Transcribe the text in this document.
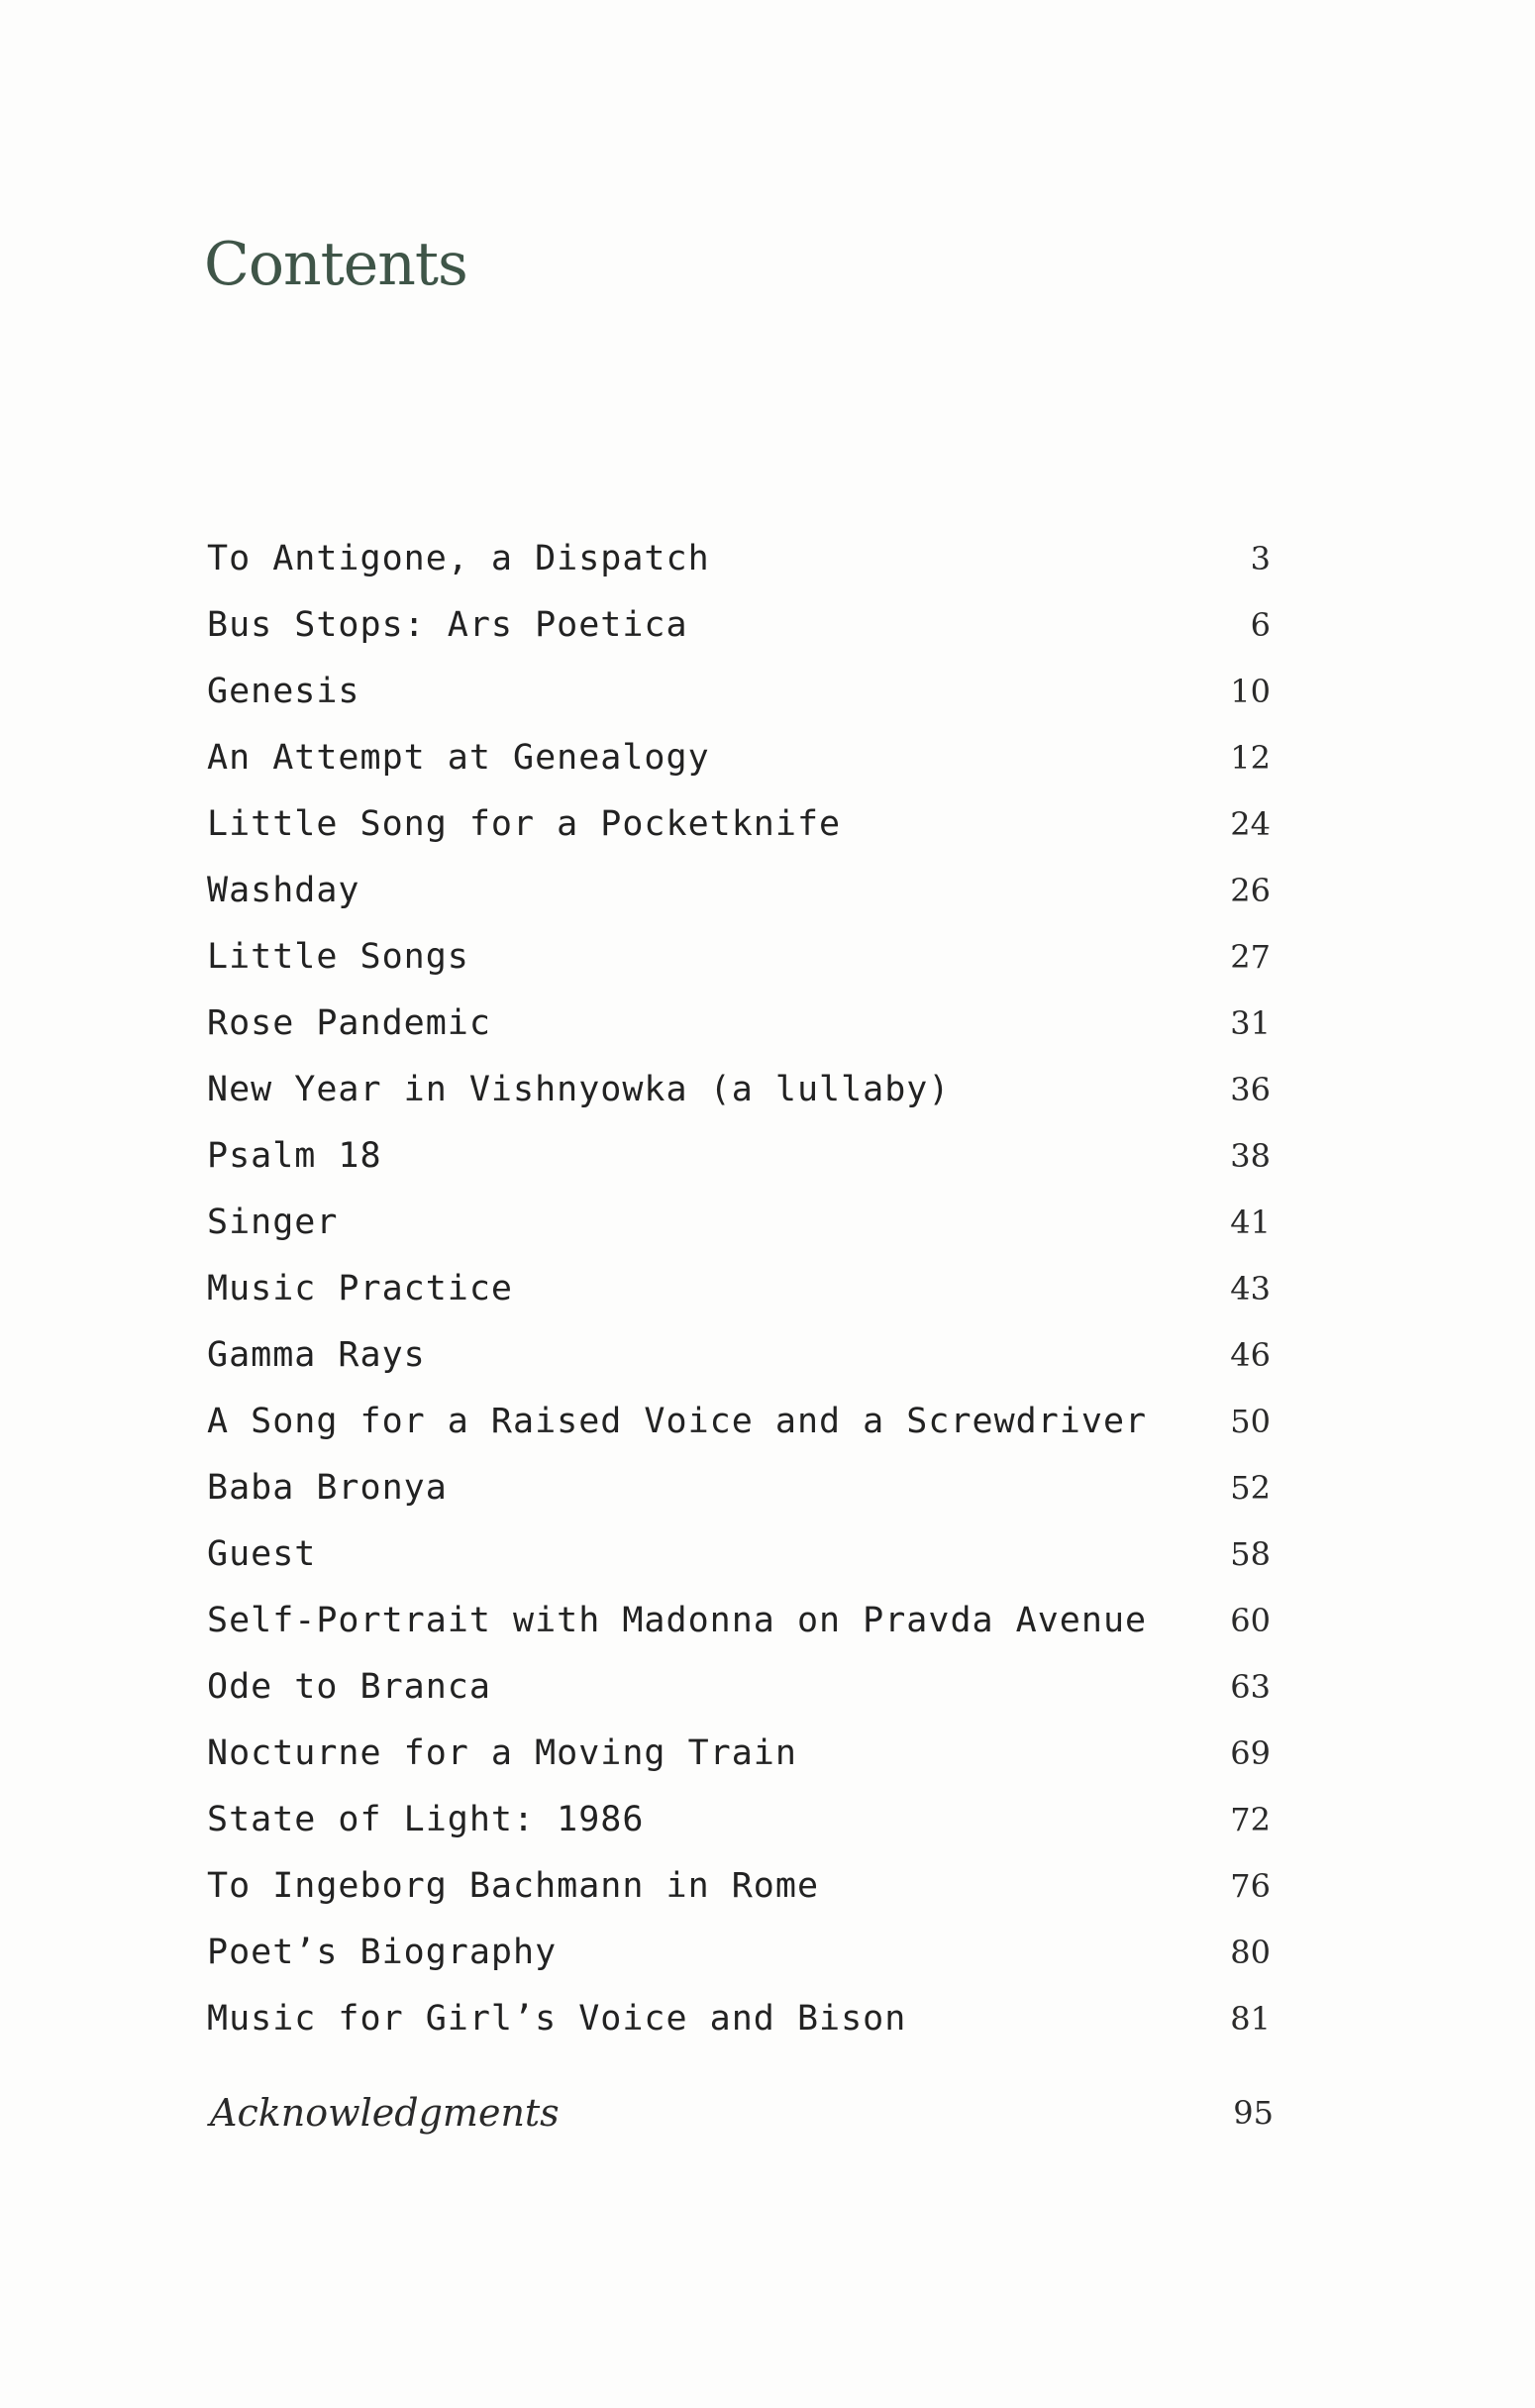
Contents
To Antigone, a Dispatch	3
Bus Stops: Ars Poetica	6
Genesis	10
An Attempt at Genealogy	12
Little Song for a Pocketknife	24
Washday	26
Little Songs	27
Rose Pandemic	31
New Year in Vishnyowka (a lullaby)	36
Psalm 18	38
Singer	41
Music Practice	43
Gamma Rays	46
A Song for a Raised Voice and a Screwdriver	50
Baba Bronya	52
Guest	58
Self-Portrait with Madonna on Pravda Avenue	60
Ode to Branca	63
Nocturne for a Moving Train	69
State of Light: 1986	72
To Ingeborg Bachmann in Rome	76
Poet’s Biography	80
Music for Girl’s Voice and Bison	81
Acknowledgments	95
